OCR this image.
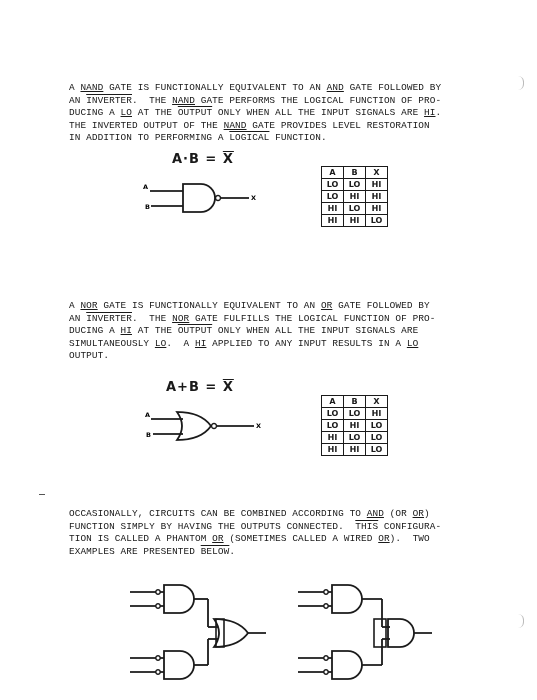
A NAND GATE IS FUNCTIONALLY EQUIVALENT TO AN AND GATE FOLLOWED BY
AN INVERTER.  THE NAND GATE PERFORMS THE LOGICAL FUNCTION OF PRO-
DUCING A LO AT THE OUTPUT ONLY WHEN ALL THE INPUT SIGNALS ARE HI.
THE INVERTED OUTPUT OF THE NAND GATE PROVIDES LEVEL RESTORATION
IN ADDITION TO PERFORMING A LOGICAL FUNCTION.
$A\cdot B = \overline{X}$
A
B
X
A	B	X
LO	LO	HI
LO	HI	HI
HI	LO	HI
HI	HI	LO
A NOR GATE IS FUNCTIONALLY EQUIVALENT TO AN OR GATE FOLLOWED BY
AN INVERTER.  THE NOR GATE FULFILLS THE LOGICAL FUNCTION OF PRO-
DUCING A HI AT THE OUTPUT ONLY WHEN ALL THE INPUT SIGNALS ARE
SIMULTANEOUSLY LO.  A HI APPLIED TO ANY INPUT RESULTS IN A LO
OUTPUT.
$A+B = \overline{X}$
A
B
X
A	B	X
LO	LO	HI
LO	HI	LO
HI	LO	LO
HI	HI	LO
OCCASIONALLY, CIRCUITS CAN BE COMBINED ACCORDING TO AND (OR OR)
FUNCTION SIMPLY BY HAVING THE OUTPUTS CONNECTED.  THIS CONFIGURA-
TION IS CALLED A PHANTOM OR (SOMETIMES CALLED A WIRED OR).  TWO
EXAMPLES ARE PRESENTED BELOW.
